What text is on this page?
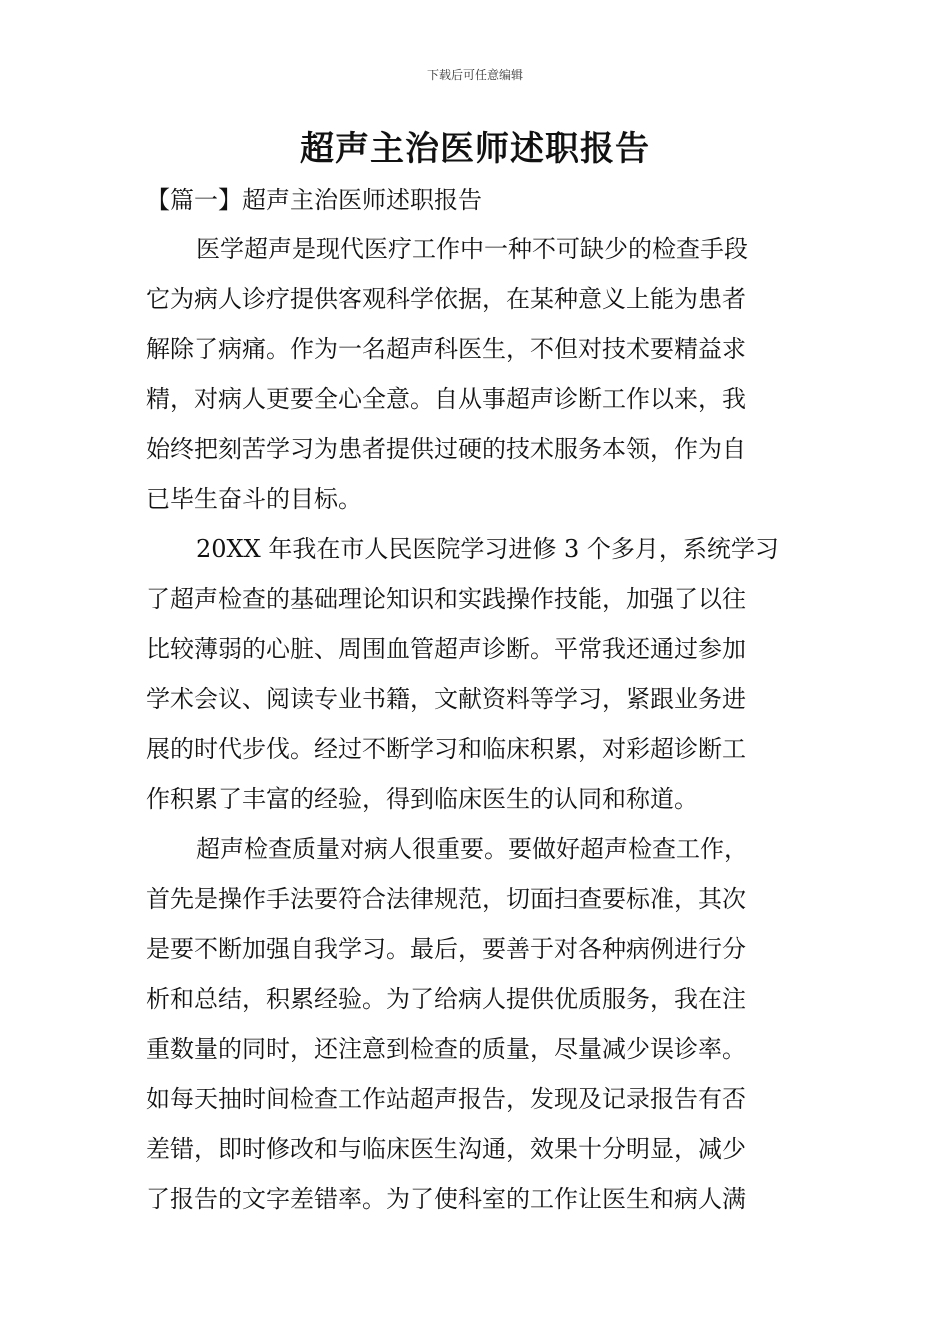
下载后可任意编辑
超声主治医师述职报告
【篇一】超声主治医师述职报告
医学超声是现代医疗工作中一种不可缺少的检查手段
它为病人诊疗提供客观科学依据，在某种意义上能为患者
解除了病痛。作为一名超声科医生，不但对技术要精益求
精，对病人更要全心全意。自从事超声诊断工作以来，我
始终把刻苦学习为患者提供过硬的技术服务本领，作为自
已毕生奋斗的目标。
20XX 年我在市人民医院学习进修 3 个多月，系统学习
了超声检查的基础理论知识和实践操作技能，加强了以往
比较薄弱的心脏、周围血管超声诊断。平常我还通过参加
学术会议、阅读专业书籍，文献资料等学习，紧跟业务进
展的时代步伐。经过不断学习和临床积累，对彩超诊断工
作积累了丰富的经验，得到临床医生的认同和称道。
超声检查质量对病人很重要。要做好超声检查工作，
首先是操作手法要符合法律规范，切面扫查要标准，其次
是要不断加强自我学习。最后，要善于对各种病例进行分
析和总结，积累经验。为了给病人提供优质服务，我在注
重数量的同时，还注意到检查的质量，尽量减少误诊率。
如每天抽时间检查工作站超声报告，发现及记录报告有否
差错，即时修改和与临床医生沟通，效果十分明显，减少
了报告的文字差错率。为了使科室的工作让医生和病人满
